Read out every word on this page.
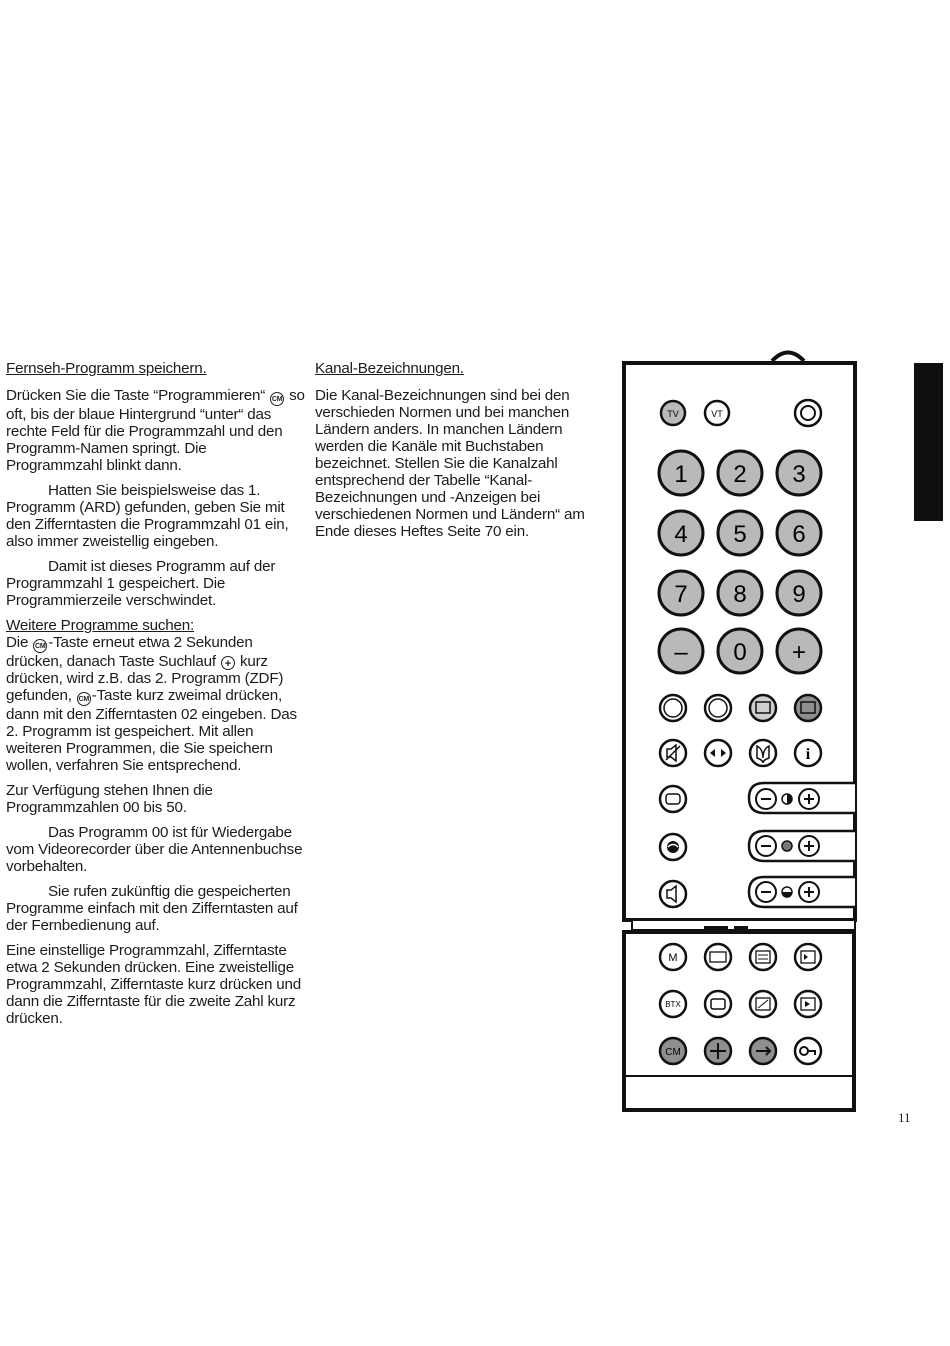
Fernseh-Programm speichern.
Drücken Sie die Taste “Programmieren“ CM so oft, bis der blaue Hintergrund “unter“ das rechte Feld für die Programmzahl und den Programm-Namen springt. Die Programmzahl blinkt dann.
Hatten Sie beispielsweise das 1. Programm (ARD) gefunden, geben Sie mit den Zifferntasten die Programmzahl 01 ein, also immer zweistellig eingeben.
Damit ist dieses Programm auf der Programmzahl 1 gespeichert. Die Programmierzeile verschwindet.
Weitere Programme suchen:
Die CM -Taste erneut etwa 2 Sekunden drücken, danach Taste Suchlauf + kurz drücken, wird z.B. das 2. Programm (ZDF) gefunden, CM -Taste kurz zweimal drücken, dann mit den Zifferntasten 02 eingeben. Das 2. Programm ist gespeichert. Mit allen weiteren Programmen, die Sie speichern wollen, verfahren Sie entsprechend.
Zur Verfügung stehen Ihnen die Programmzahlen 00 bis 50.
Das Programm 00 ist für Wiedergabe vom Videorecorder über die Antennenbuchse vorbehalten.
Sie rufen zukünftig die gespeicherten Programme einfach mit den Zifferntasten auf der Fernbedienung auf.
Eine einstellige Programmzahl, Zifferntaste etwa 2 Sekunden drücken. Eine zweistellige Programmzahl, Zifferntaste kurz drücken und dann die Zifferntaste für die zweite Zahl kurz drücken.
Kanal-Bezeichnungen.
Die Kanal-Bezeichnungen sind bei den verschieden Normen und bei manchen Ländern anders. In manchen Ländern werden die Kanäle mit Buchstaben bezeichnet. Stellen Sie die Kanalzahl entsprechend der Tabelle “Kanal-Bezeichnungen und -Anzeigen bei verschiedenen Normen und Ländern“ am Ende dieses Heftes Seite 70 ein.
TV	VT
1 2 3
4 5 6
7 8 9
– 0 +
i
M
BTX
CM
11
